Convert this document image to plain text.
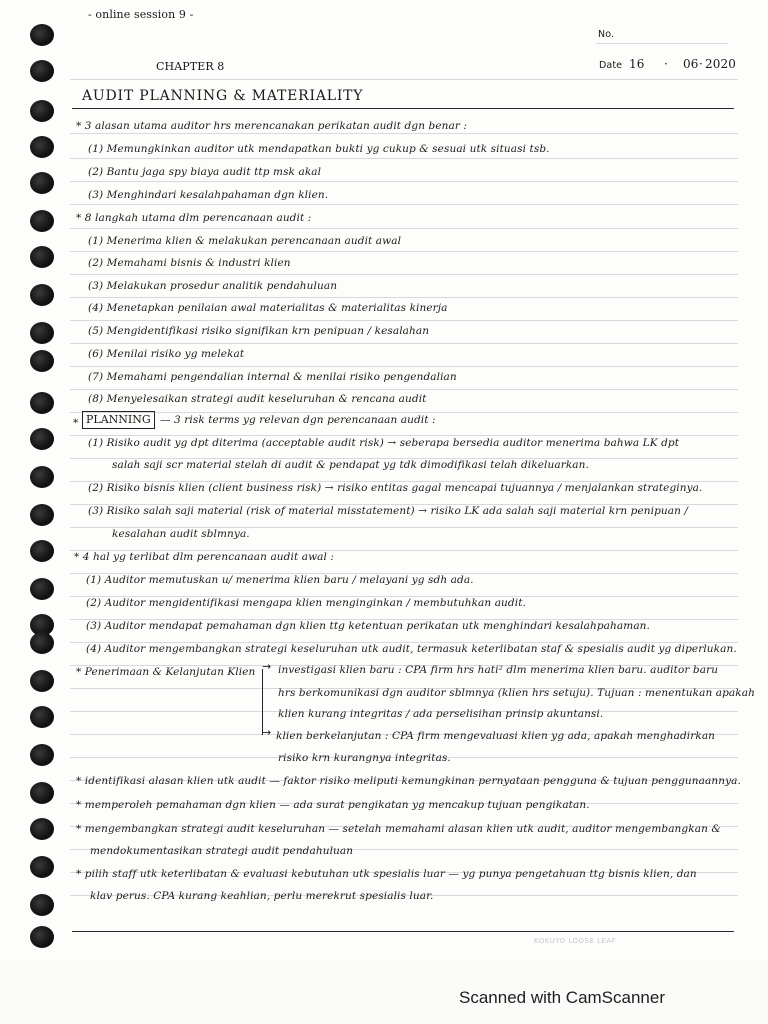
- online session 9 -
No.
CHAPTER 8	Date 16 · 06 · 2020
AUDIT PLANNING & MATERIALITY
* 3 alasan utama auditor hrs merencanakan perikatan audit dgn benar :
(1) Memungkinkan auditor utk mendapatkan bukti yg cukup & sesuai utk situasi tsb.
(2) Bantu jaga spy biaya audit ttp msk akal
(3) Menghindari kesalahpahaman dgn klien.
* 8 langkah utama dlm perencanaan audit :
(1) Menerima klien & melakukan perencanaan audit awal
(2) Memahami bisnis & industri klien
(3) Melakukan prosedur analitik pendahuluan
(4) Menetapkan penilaian awal materialitas & materialitas kinerja
(5) Mengidentifikasi risiko signifikan krn penipuan / kesalahan
(6) Menilai risiko yg melekat
(7) Memahami pengendalian internal & menilai risiko pengendalian
(8) Menyelesaikan strategi audit keseluruhan & rencana audit
* PLANNING — 3 risk terms yg relevan dgn perencanaan audit :
(1) Risiko audit yg dpt diterima (acceptable audit risk) → seberapa bersedia auditor menerima bahwa LK dpt
salah saji scr material stelah di audit & pendapat yg tdk dimodifikasi telah dikeluarkan.
(2) Risiko bisnis klien (client business risk) → risiko entitas gagal mencapai tujuannya / menjalankan strateginya.
(3) Risiko salah saji material (risk of material misstatement) → risiko LK ada salah saji material krn penipuan /
kesalahan audit sblmnya.
* 4 hal yg terlibat dlm perencanaan audit awal :
(1) Auditor memutuskan u/ menerima klien baru / melayani yg sdh ada.
(2) Auditor mengidentifikasi mengapa klien menginginkan / membutuhkan audit.
(3) Auditor mendapat pemahaman dgn klien ttg ketentuan perikatan utk menghindari kesalahpahaman.
(4) Auditor mengembangkan strategi keseluruhan utk audit, termasuk keterlibatan staf & spesialis audit yg diperlukan.
* Penerimaan & Kelanjutan Klien →
→
investigasi klien baru : CPA firm hrs hati² dlm menerima klien baru. auditor baru
hrs berkomunikasi dgn auditor sblmnya (klien hrs setuju). Tujuan : menentukan apakah
klien kurang integritas / ada perselisihan prinsip akuntansi.
klien berkelanjutan : CPA firm mengevaluasi klien yg ada, apakah menghadirkan
risiko krn kurangnya integritas.
* identifikasi alasan klien utk audit — faktor risiko meliputi kemungkinan pernyataan pengguna & tujuan penggunaannya.
* memperoleh pemahaman dgn klien — ada surat pengikatan yg mencakup tujuan pengikatan.
* mengembangkan strategi audit keseluruhan — setelah memahami alasan klien utk audit, auditor mengembangkan &
mendokumentasikan strategi audit pendahuluan
* pilih staff utk keterlibatan & evaluasi kebutuhan utk spesialis luar — yg punya pengetahuan ttg bisnis klien, dan
klav perus. CPA kurang keahlian, perlu merekrut spesialis luar.
KOKUYO LOOSE LEAF
Scanned with CamScanner
